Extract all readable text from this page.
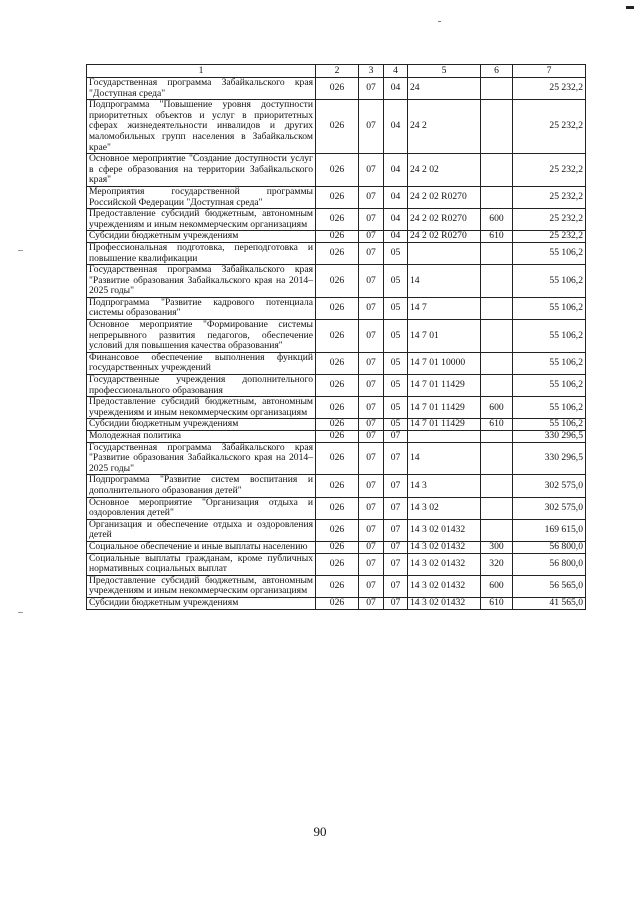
1	2	3	4	5	6	7
Государственная программа Забайкальского края "Доступная среда"	026	07	04	24		25 232,2
Подпрограмма "Повышение уровня доступности приоритетных объектов и услуг в приоритетных сферах жизнедеятельности инвалидов и других маломобильных групп населения в Забайкальском крае"	026	07	04	24 2		25 232,2
Основное мероприятие "Создание доступности услуг в сфере образования на территории Забайкальского края"	026	07	04	24 2 02		25 232,2
Мероприятия государственной программы Российской Федерации "Доступная среда"	026	07	04	24 2 02 R0270		25 232,2
Предоставление субсидий бюджетным, автономным учреждениям и иным некоммерческим организациям	026	07	04	24 2 02 R0270	600	25 232,2
Субсидии бюджетным учреждениям	026	07	04	24 2 02 R0270	610	25 232,2
Профессиональная подготовка, переподготовка и повышение квалификации	026	07	05			55 106,2
Государственная программа Забайкальского края "Развитие образования Забайкальского края на 2014–2025 годы"	026	07	05	14		55 106,2
Подпрограмма "Развитие кадрового потенциала системы образования"	026	07	05	14 7		55 106,2
Основное мероприятие "Формирование системы непрерывного развития педагогов, обеспечение условий для повышения качества образования"	026	07	05	14 7 01		55 106,2
Финансовое обеспечение выполнения функций государственных учреждений	026	07	05	14 7 01 10000		55 106,2
Государственные учреждения дополнительного профессионального образования	026	07	05	14 7 01 11429		55 106,2
Предоставление субсидий бюджетным, автономным учреждениям и иным некоммерческим организациям	026	07	05	14 7 01 11429	600	55 106,2
Субсидии бюджетным учреждениям	026	07	05	14 7 01 11429	610	55 106,2
Молодежная политика	026	07	07			330 296,5
Государственная программа Забайкальского края "Развитие образования Забайкальского края на 2014–2025 годы"	026	07	07	14		330 296,5
Подпрограмма "Развитие систем воспитания и дополнительного образования детей"	026	07	07	14 3		302 575,0
Основное мероприятие "Организация отдыха и оздоровления детей"	026	07	07	14 3 02		302 575,0
Организация и обеспечение отдыха и оздоровления детей	026	07	07	14 3 02 01432		169 615,0
Социальное обеспечение и иные выплаты населению	026	07	07	14 3 02 01432	300	56 800,0
Социальные выплаты гражданам, кроме публичных нормативных социальных выплат	026	07	07	14 3 02 01432	320	56 800,0
Предоставление субсидий бюджетным, автономным учреждениям и иным некоммерческим организациям	026	07	07	14 3 02 01432	600	56 565,0
Субсидии бюджетным учреждениям	026	07	07	14 3 02 01432	610	41 565,0
90
